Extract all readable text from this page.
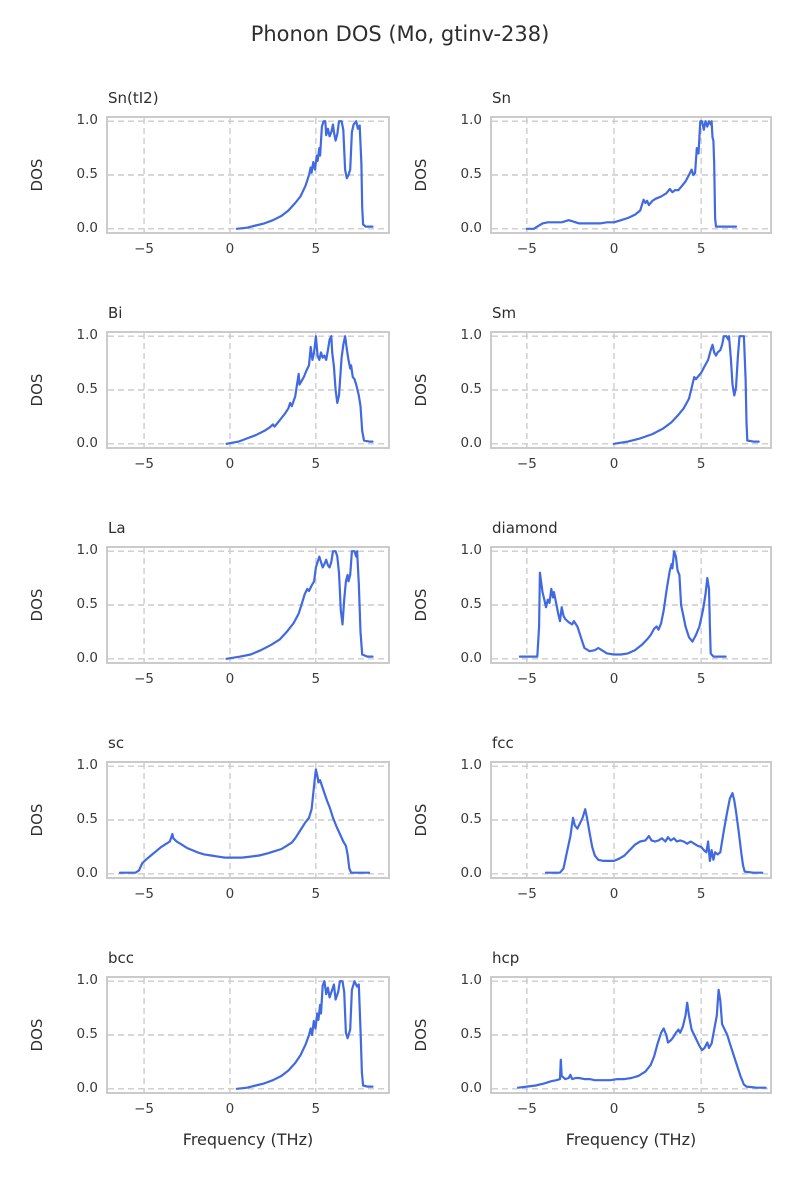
Phonon DOS (Mo, gtinv-238)
Sn(tI2)
0.0
0.5
1.0
−5	0	5
DOS
Sn
0.0
0.5
1.0
−5	0	5
DOS
Bi
0.0
0.5
1.0
−5	0	5
DOS
Sm
0.0
0.5
1.0
−5	0	5
DOS
La
0.0
0.5
1.0
−5	0	5
DOS
diamond
0.0
0.5
1.0
−5	0	5
DOS
sc
0.0
0.5
1.0
−5	0	5
DOS
fcc
0.0
0.5
1.0
−5	0	5
DOS
bcc
0.0
0.5
1.0
−5	0	5
DOS
Frequency (THz)
hcp
0.0
0.5
1.0
−5	0	5
DOS
Frequency (THz)
